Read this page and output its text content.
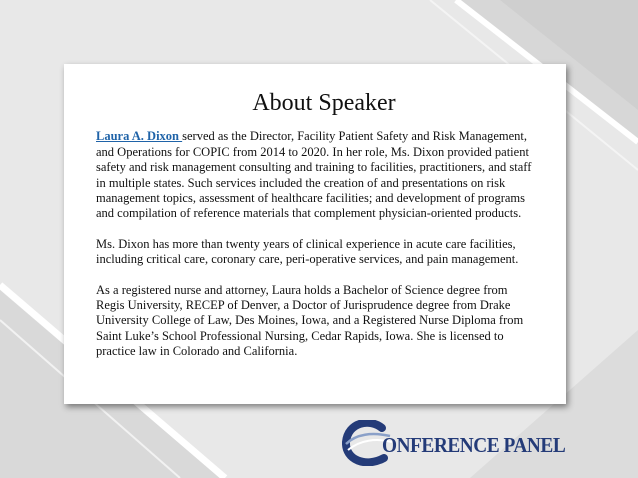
About Speaker

Laura A. Dixon served as the Director, Facility Patient Safety and Risk Management, and Operations for COPIC from 2014 to 2020. In her role, Ms. Dixon provided patient safety and risk management consulting and training to facilities, practitioners, and staff in multiple states. Such services included the creation of and presentations on risk management topics, assessment of healthcare facilities; and development of programs and compilation of reference materials that complement physician-oriented products.

Ms. Dixon has more than twenty years of clinical experience in acute care facilities, including critical care, coronary care, peri-operative services, and pain management.

As a registered nurse and attorney, Laura holds a Bachelor of Science degree from Regis University, RECEP of Denver, a Doctor of Jurisprudence degree from Drake University College of Law, Des Moines, Iowa, and a Registered Nurse Diploma from Saint Luke’s School Professional Nursing, Cedar Rapids, Iowa. She is licensed to practice law in Colorado and California.

ONFERENCE PANEL
